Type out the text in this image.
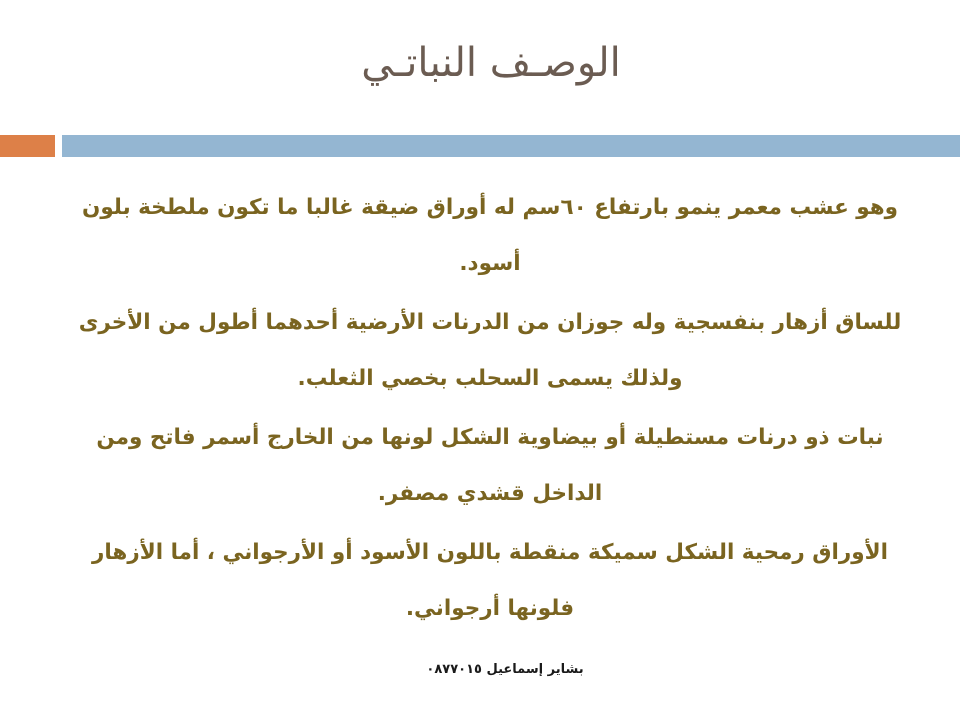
الوصـف النباتـي

وهو عشب معمر ينمو بارتفاع ٦٠سم له أوراق ضيقة غالبا ما تكون ملطخة بلون أسود.

للساق أزهار بنفسجية وله جوزان من الدرنات الأرضية أحدهما أطول من الأخرى ولذلك يسمى السحلب بخصي الثعلب.

نبات ذو درنات مستطيلة أو بيضاوية الشكل لونها من الخارج أسمر فاتح ومن الداخل قشدي مصفر.

الأوراق رمحية الشكل سميكة منقطة باللون الأسود أو الأرجواني ، أما الأزهار فلونها أرجواني.

بشاير إسماعيل ٠٨٧٧٠١٥
